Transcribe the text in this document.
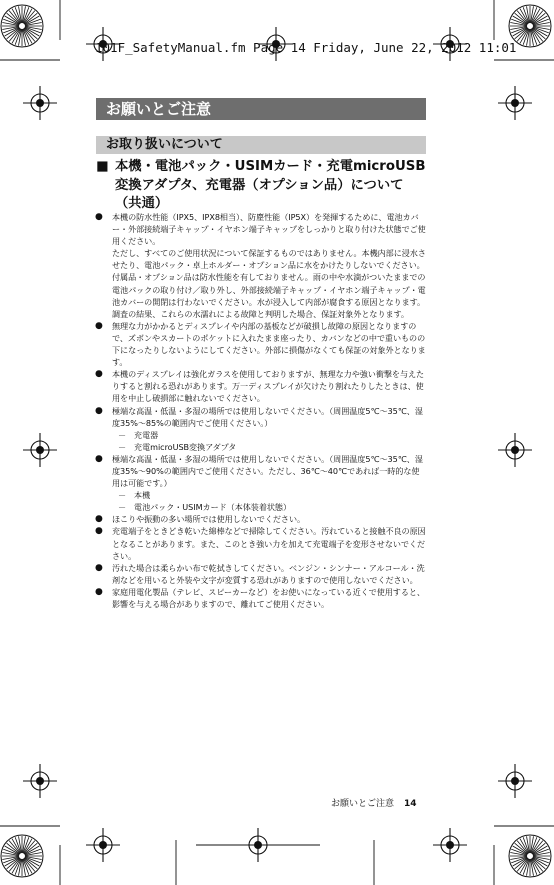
101F_SafetyManual.fm Page 14 Friday, June 22, 2012 11:01
お願いとご注意
お取り扱いについて
■ 本機・電池パック・USIMカード・充電microUSB変換アダプタ、充電器（オプション品）について（共通）
● 本機の防水性能（IPX5、IPX8相当）、防塵性能（IP5X）を発揮するために、電池カバー・外部接続端子キャップ・イヤホン端子キャップをしっかりと取り付けた状態でご使用ください。
ただし、すべてのご使用状況について保証するものではありません。本機内部に浸水させたり、電池パック・卓上ホルダー・オプション品に水をかけたりしないでください。付属品・オプション品は防水性能を有しておりません。雨の中や水滴がついたままでの電池パックの取り付け／取り外し、外部接続端子キャップ・イヤホン端子キャップ・電池カバーの開閉は行わないでください。水が浸入して内部が腐食する原因となります。
調査の結果、これらの水濡れによる故障と判明した場合、保証対象外となります。
● 無理な力がかかるとディスプレイや内部の基板などが破損し故障の原因となりますので、ズボンやスカートのポケットに入れたまま座ったり、カバンなどの中で重いものの下になったりしないようにしてください。外部に損傷がなくても保証の対象外となります。
● 本機のディスプレイは強化ガラスを使用しておりますが、無理な力や強い衝撃を与えたりすると割れる恐れがあります。万一ディスプレイが欠けたり割れたりしたときは、使用を中止し破損部に触れないでください。
● 極端な高温・低温・多湿の場所では使用しないでください。（周囲温度5℃～35℃、湿度35%～85%の範囲内でご使用ください。）
－ 充電器
－ 充電microUSB変換アダプタ
● 極端な高温・低温・多湿の場所では使用しないでください。（周囲温度5℃～35℃、湿度35%～90%の範囲内でご使用ください。ただし、36℃～40℃であれば一時的な使用は可能です。）
－ 本機
－ 電池パック・USIMカード（本体装着状態）
● ほこりや振動の多い場所では使用しないでください。
● 充電端子をときどき乾いた綿棒などで掃除してください。汚れていると接触不良の原因となることがあります。また、このとき強い力を加えて充電端子を変形させないでください。
● 汚れた場合は柔らかい布で乾拭きしてください。ベンジン・シンナー・アルコール・洗剤などを用いると外装や文字が変質する恐れがありますので使用しないでください。
● 家庭用電化製品（テレビ、スピーカーなど）をお使いになっている近くで使用すると、影響を与える場合がありますので、離れてご使用ください。
お願いとご注意 14
